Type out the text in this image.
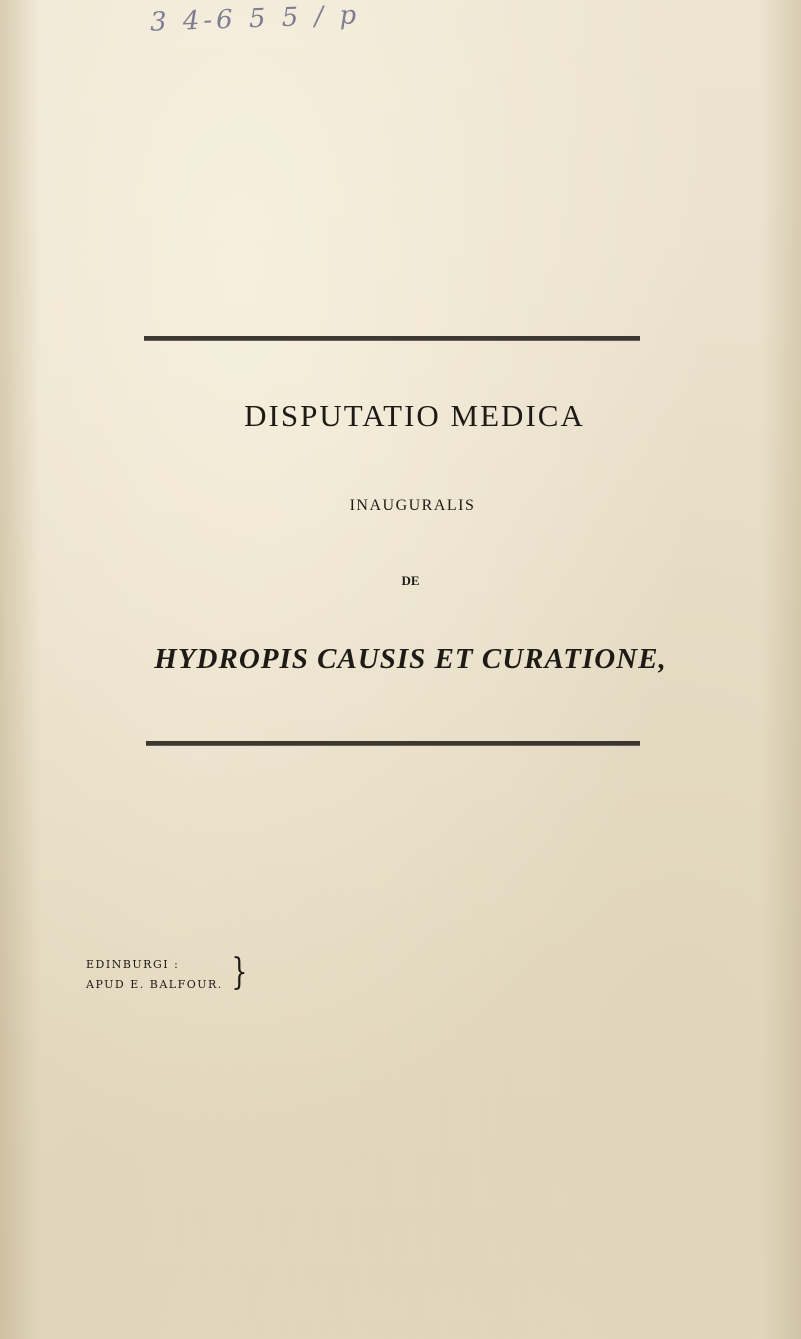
3 4-6 5 5 / p
DISPUTATIO MEDICA
INAUGURALIS
DE
HYDROPIS CAUSIS ET CURATIONE,
EDINBURGI :
APUD E. BALFOUR. }
